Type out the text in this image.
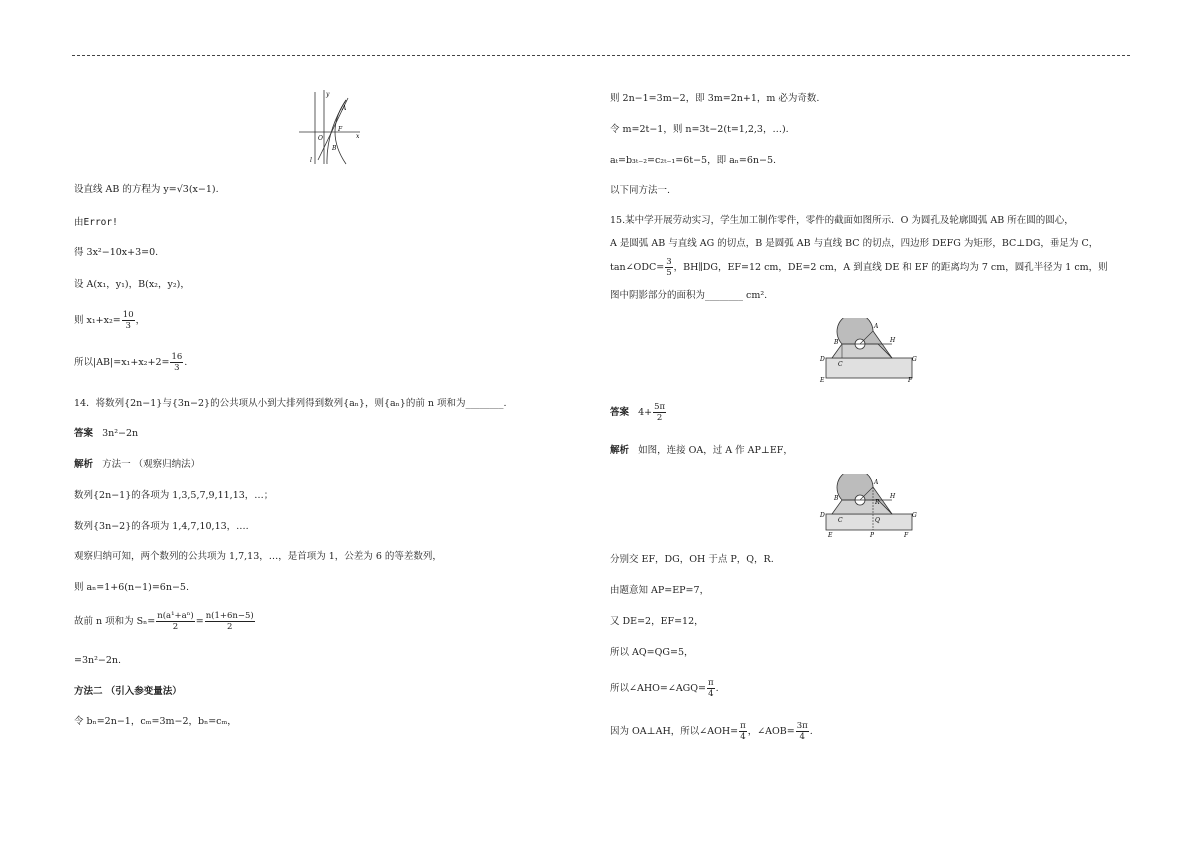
y
x
A
B
F
O
l
设直线 AB 的方程为 y=√3(x−1).
由Error!
得 3x²−10x+3=0.
设 A(x₁，y₁)，B(x₂，y₂)，
则 $x_1+x_2= \frac{10}{3}$ ，
所以$|AB|=x_1+x_2+2= \frac{16}{3}$ .
14．将数列{2n−1}与{3n−2}的公共项从小到大排列得到数列{aₙ}，则{aₙ}的前 n 项和为________.
答案 3n²−2n
解析 方法一 （观察归纳法）
数列{2n−1}的各项为 1,3,5,7,9,11,13，…；
数列{3n−2}的各项为 1,4,7,10,13，….
观察归纳可知，两个数列的公共项为 1,7,13，…，是首项为 1，公差为 6 的等差数列，
则 aₙ=1+6(n−1)=6n−5.
故前 n 项和为 $S_n= \frac{\text{n(a¹+aⁿ)}}{2} = \frac{n(1+6n-5)}{2}$
=3n²−2n.
方法二 （引入参变量法）
令 bₙ=2n−1，cₘ=3m−2，bₙ=cₘ，
则 2n−1=3m−2，即 3m=2n+1，m 必为奇数.
令 m=2t−1，则 n=3t−2(t=1,2,3，…).
aₜ=b₃ₜ₋₂=c₂ₜ₋₁=6t−5，即 aₙ=6n−5.
以下同方法一.
15.某中学开展劳动实习，学生加工制作零件，零件的截面如图所示．O 为圆孔及轮廓圆弧 AB 所在圆的圆心，
A 是圆弧 AB 与直线 AG 的切点，B 是圆弧 AB 与直线 BC 的切点，四边形 DEFG 为矩形，BC⊥DG，垂足为 C，
tan∠ODC= $\frac{3}{5}$ ，BH∥DG，EF=12 cm，DE=2 cm，A 到直线 DE 和 EF 的距离均为 7 cm，圆孔半径为 1 cm，则
图中阴影部分的面积为________ cm².
A
B	H
C
D
E	F
G
答案 $4+ \frac{5\pi}{2}$
解析 如图，连接 OA，过 A 作 AP⊥EF，
A
B	H
C
D
E	F
G
Q
P
R
分别交 EF，DG，OH 于点 P，Q，R.
由题意知 AP=EP=7，
又 DE=2，EF=12，
所以 AQ=QG=5，
所以∠AHO=∠AGQ= $\frac{\pi}{4}$ .
因为 OA⊥AH，所以∠AOH= $\frac{\pi}{4}$ ，∠AOB= $\frac{3\pi}{4}$ .
